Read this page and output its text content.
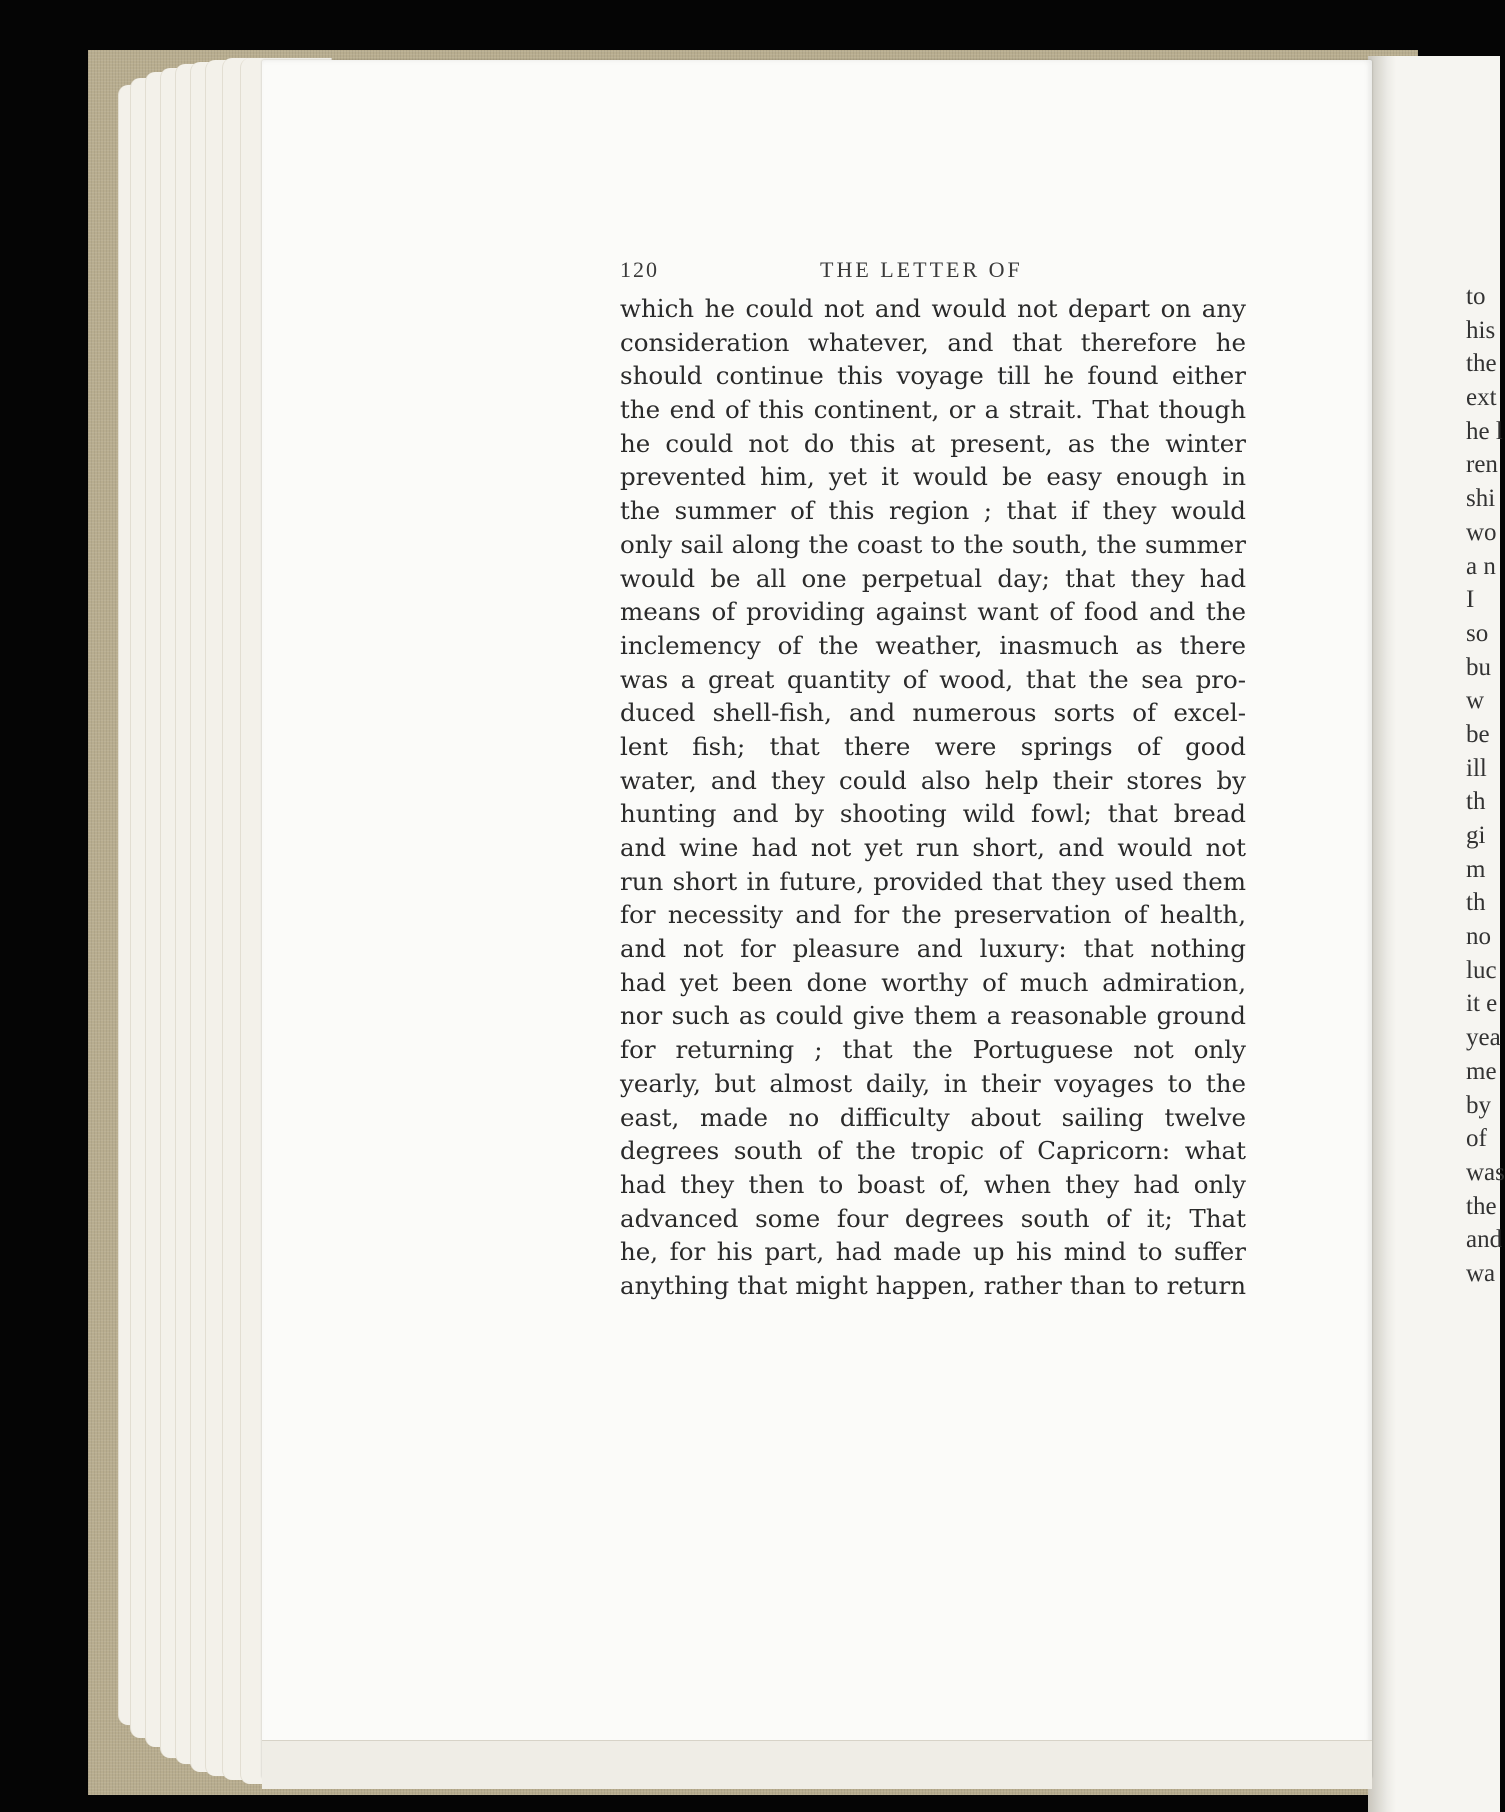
to
his
the
ext
he l
ren
shi
wo
a n
I
so
bu
w
be
ill
th
gi
m
th
no
luc
it e
yea
me
by
of
was
the
and
wa
120	THE LETTER OF
which he could not and would not depart on any
consideration whatever, and that therefore he
should continue this voyage till he found either
the end of this continent, or a strait. That though
he could not do this at present, as the winter
prevented him, yet it would be easy enough in
the summer of this region ; that if they would
only sail along the coast to the south, the summer
would be all one perpetual day; that they had
means of providing against want of food and the
inclemency of the weather, inasmuch as there
was a great quantity of wood, that the sea pro-
duced shell-fish, and numerous sorts of excel-
lent fish; that there were springs of good
water, and they could also help their stores by
hunting and by shooting wild fowl; that bread
and wine had not yet run short, and would not
run short in future, provided that they used them
for necessity and for the preservation of health,
and not for pleasure and luxury: that nothing
had yet been done worthy of much admiration,
nor such as could give them a reasonable ground
for returning ; that the Portuguese not only
yearly, but almost daily, in their voyages to the
east, made no difficulty about sailing twelve
degrees south of the tropic of Capricorn: what
had they then to boast of, when they had only
advanced some four degrees south of it; That
he, for his part, had made up his mind to suffer
anything that might happen, rather than to return
